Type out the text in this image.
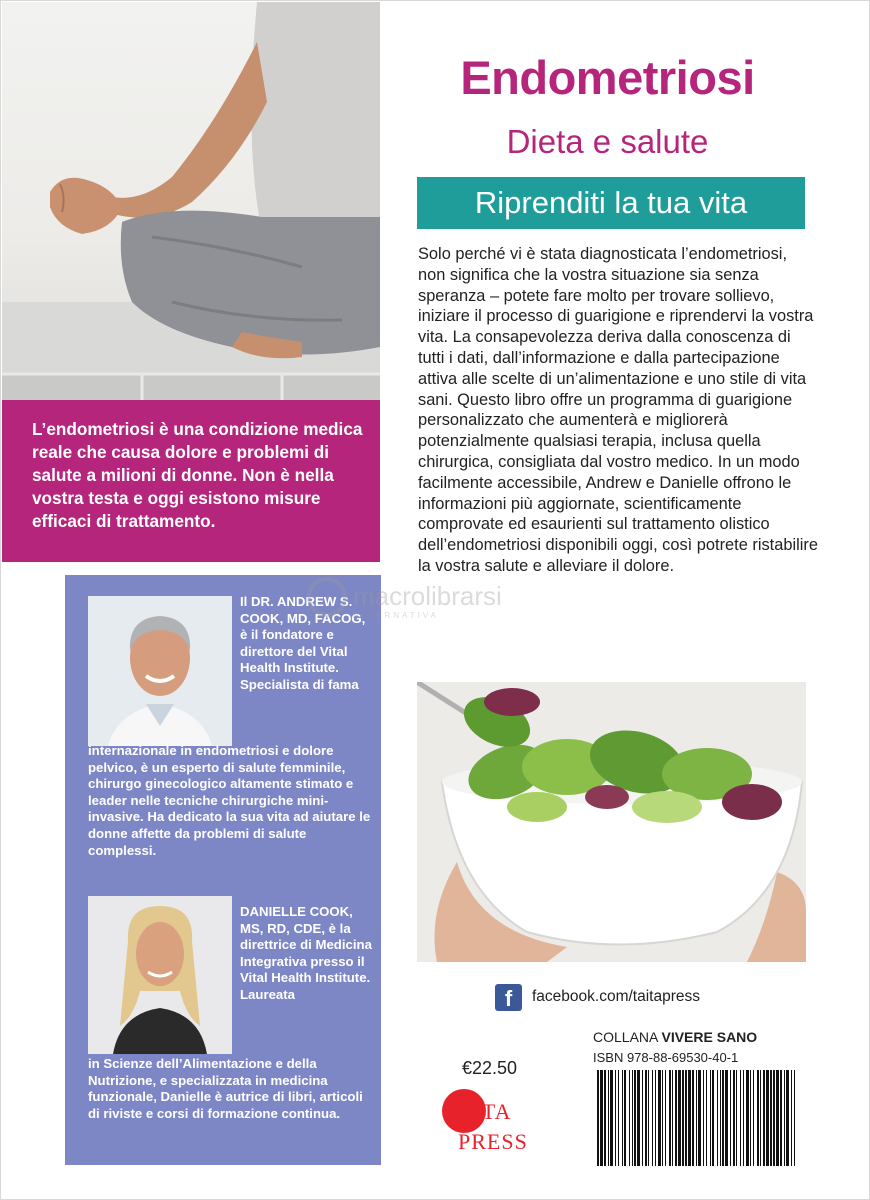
L’endometriosi è una condizione medica reale che causa dolore e problemi di salute a milioni di donne. Non è nella vostra testa e oggi esistono misure efficaci di trattamento.

Il DR. ANDREW S. COOK, MD, FACOG, è il fondatore e direttore del Vital Health Institute. Specialista di fama
internazionale in endometriosi e dolore pelvico, è un esperto di salute femminile, chirurgo ginecologico altamente stimato e leader nelle tecniche chirurgiche mini-invasive. Ha dedicato la sua vita ad aiutare le donne affette da problemi di salute complessi.
DANIELLE COOK, MS, RD, CDE, è la direttrice di Medicina Integrativa presso il Vital Health Institute. Laureata
in Scienze dell’Alimentazione e della Nutrizione, e specializzata in medicina funzionale, Danielle è autrice di libri, articoli di riviste e corsi di formazione continua.
Endometriosi
Dieta e salute
Riprenditi la tua vita
Solo perché vi è stata diagnosticata l’endometriosi, non significa che la vostra situazione sia senza speranza – potete fare molto per trovare sollievo, iniziare il processo di guarigione e riprendervi la vostra vita. La consapevolezza deriva dalla conoscenza di tutti i dati, dall’informazione e dalla partecipazione attiva alle scelte di un’alimentazione e uno stile di vita sani. Questo libro offre un programma di guarigione personalizzato che aumenterà e migliorerà potenzialmente qualsiasi terapia, inclusa quella chirurgica, consigliata dal vostro medico. In un modo facilmente accessibile, Andrew e Danielle offrono le informazioni più aggiornate, scientificamente comprovate ed esaurienti sul trattamento olistico dell’endometriosi disponibili oggi, così potrete ristabilire la vostra salute e alleviare il dolore.
macrolibrarsi
ALTERNATIVA
f	facebook.com/taitapress
COLLANA VIVERE SANO
ISBN 978-88-69530-40-1
€22.50
TAITA
PRESS
